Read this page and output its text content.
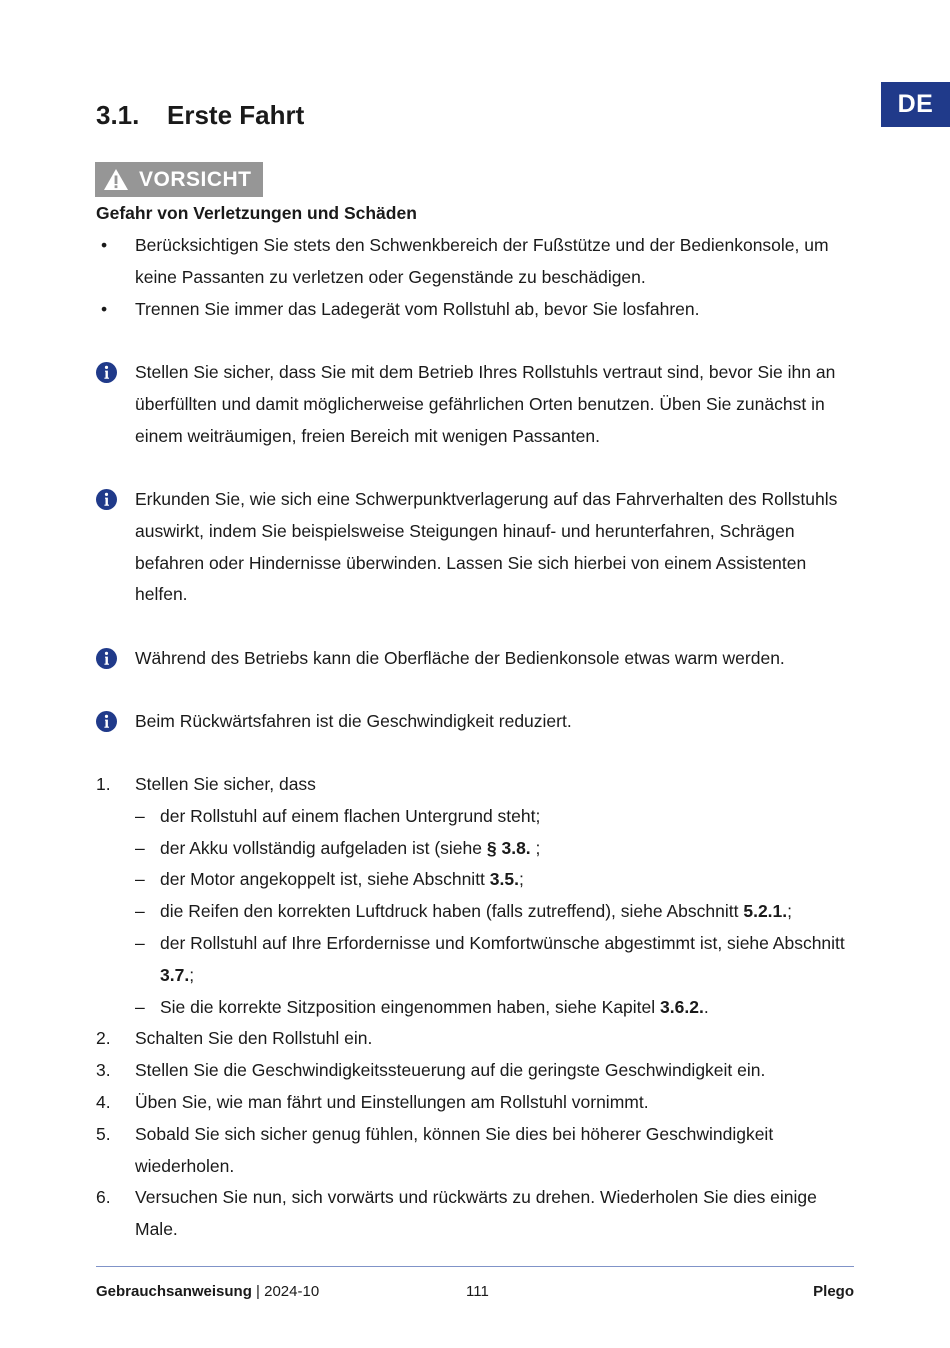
DE
3.1.	Erste Fahrt
VORSICHT
Gefahr von Verletzungen und Schäden
• Berücksichtigen Sie stets den Schwenkbereich der Fußstütze und der Bedienkonsole, um keine Passanten zu verletzen oder Gegenstände zu beschädigen.
• Trennen Sie immer das Ladegerät vom Rollstuhl ab, bevor Sie losfahren.
Stellen Sie sicher, dass Sie mit dem Betrieb Ihres Rollstuhls vertraut sind, bevor Sie ihn an überfüllten und damit möglicherweise gefährlichen Orten benutzen. Üben Sie zunächst in einem weiträumigen, freien Bereich mit wenigen Passanten.
Erkunden Sie, wie sich eine Schwerpunktverlagerung auf das Fahrverhalten des Rollstuhls auswirkt, indem Sie beispielsweise Steigungen hinauf- und herunterfahren, Schrägen befahren oder Hindernisse überwinden. Lassen Sie sich hierbei von einem Assistenten helfen.
Während des Betriebs kann die Oberfläche der Bedienkonsole etwas warm werden.
Beim Rückwärtsfahren ist die Geschwindigkeit reduziert.
1. Stellen Sie sicher, dass
– der Rollstuhl auf einem flachen Untergrund steht;
– der Akku vollständig aufgeladen ist (siehe § 3.8. ;
– der Motor angekoppelt ist, siehe Abschnitt 3.5.;
– die Reifen den korrekten Luftdruck haben (falls zutreffend), siehe Abschnitt 5.2.1.;
– der Rollstuhl auf Ihre Erfordernisse und Komfortwünsche abgestimmt ist, siehe Abschnitt 3.7.;
– Sie die korrekte Sitzposition eingenommen haben, siehe Kapitel 3.6.2..
2. Schalten Sie den Rollstuhl ein.
3. Stellen Sie die Geschwindigkeitssteuerung auf die geringste Geschwindigkeit ein.
4. Üben Sie, wie man fährt und Einstellungen am Rollstuhl vornimmt.
5. Sobald Sie sich sicher genug fühlen, können Sie dies bei höherer Geschwindigkeit wiederholen.
6. Versuchen Sie nun, sich vorwärts und rückwärts zu drehen. Wiederholen Sie dies einige Male.
Gebrauchsanweisung | 2024-10	111	Plego
